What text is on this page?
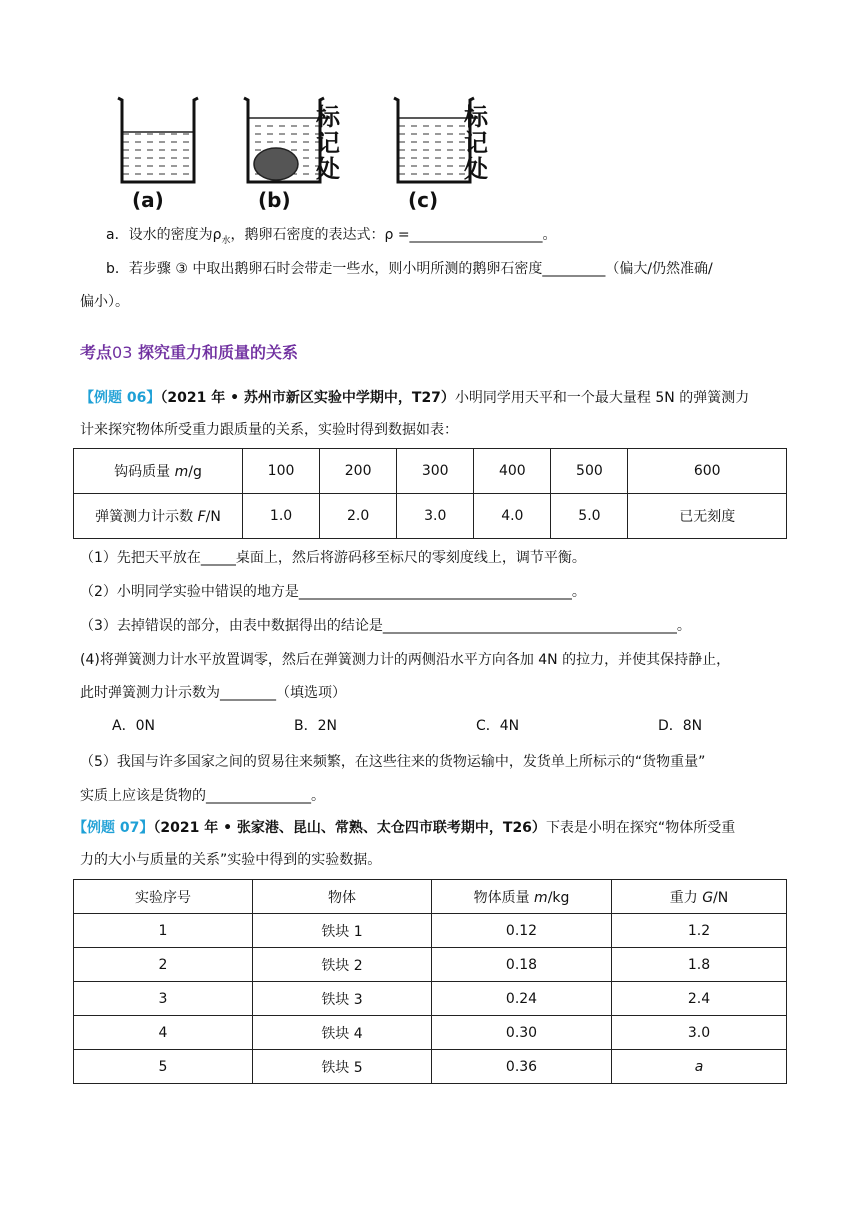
标记处
标记处
(a)	(b)	(c)
a．设水的密度为$\rho_水$，鹅卵石密度的表达式：ρ =___________________。
b．若步骤 ③ 中取出鹅卵石时会带走一些水，则小明所测的鹅卵石密度_________（偏大/仍然准确/
偏小）。
考点03 探究重力和质量的关系
【例题 06】（2021 年 • 苏州市新区实验中学期中，T27）小明同学用天平和一个最大量程 5N 的弹簧测力
计来探究物体所受重力跟质量的关系，实验时得到数据如表：
钩码质量 m/g	100	200	300	400	500	600
弹簧测力计示数 F/N	1.0	2.0	3.0	4.0	5.0	已无刻度
（1）先把天平放在_____桌面上，然后将游码移至标尺的零刻度线上，调节平衡。
（2）小明同学实验中错误的地方是_______________________________________。
（3）去掉错误的部分，由表中数据得出的结论是__________________________________________。
(4)将弹簧测力计水平放置调零，然后在弹簧测力计的两侧沿水平方向各加 4N 的拉力，并使其保持静止，
此时弹簧测力计示数为________（填选项）
A．0N	B．2N	C．4N	D．8N
（5）我国与许多国家之间的贸易往来频繁，在这些往来的货物运输中，发货单上所标示的“货物重量”
实质上应该是货物的_______________。
【例题 07】（2021 年 • 张家港、昆山、常熟、太仓四市联考期中，T26）下表是小明在探究“物体所受重
力的大小与质量的关系”实验中得到的实验数据。
实验序号	物体	物体质量 m/kg	重力 G/N
1	铁块 1	0.12	1.2
2	铁块 2	0.18	1.8
3	铁块 3	0.24	2.4
4	铁块 4	0.30	3.0
5	铁块 5	0.36	a
